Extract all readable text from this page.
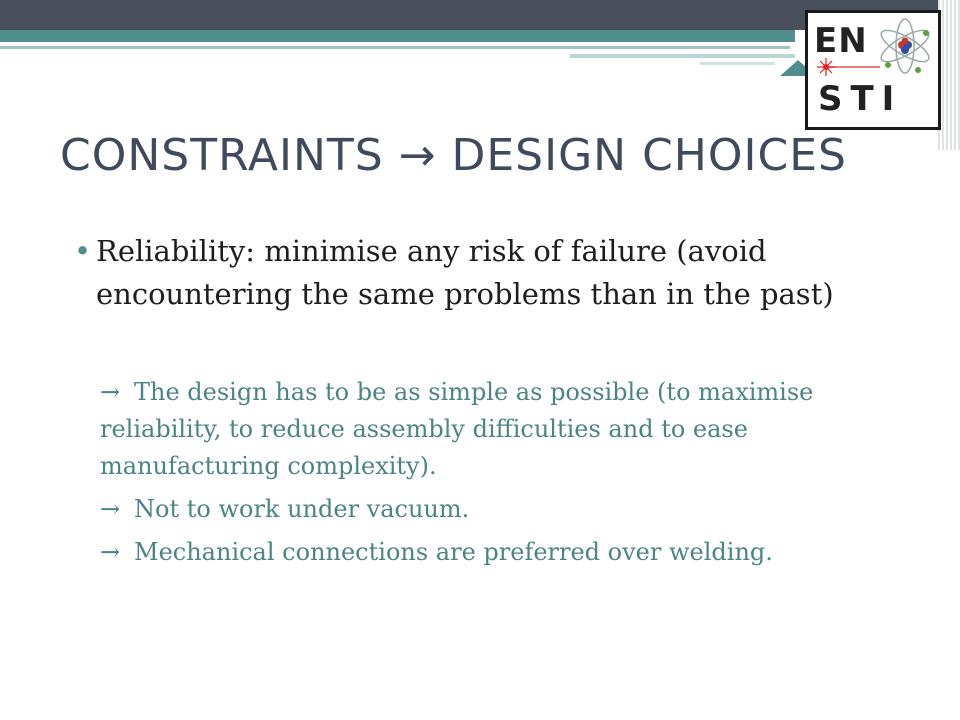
EN
STI
CONSTRAINTS → DESIGN CHOICES
• Reliability: minimise any risk of failure (avoid encountering the same problems than in the past)
→ The design has to be as simple as possible (to maximise reliability, to reduce assembly difficulties and to ease manufacturing complexity).
→ Not to work under vacuum.
→ Mechanical connections are preferred over welding.
